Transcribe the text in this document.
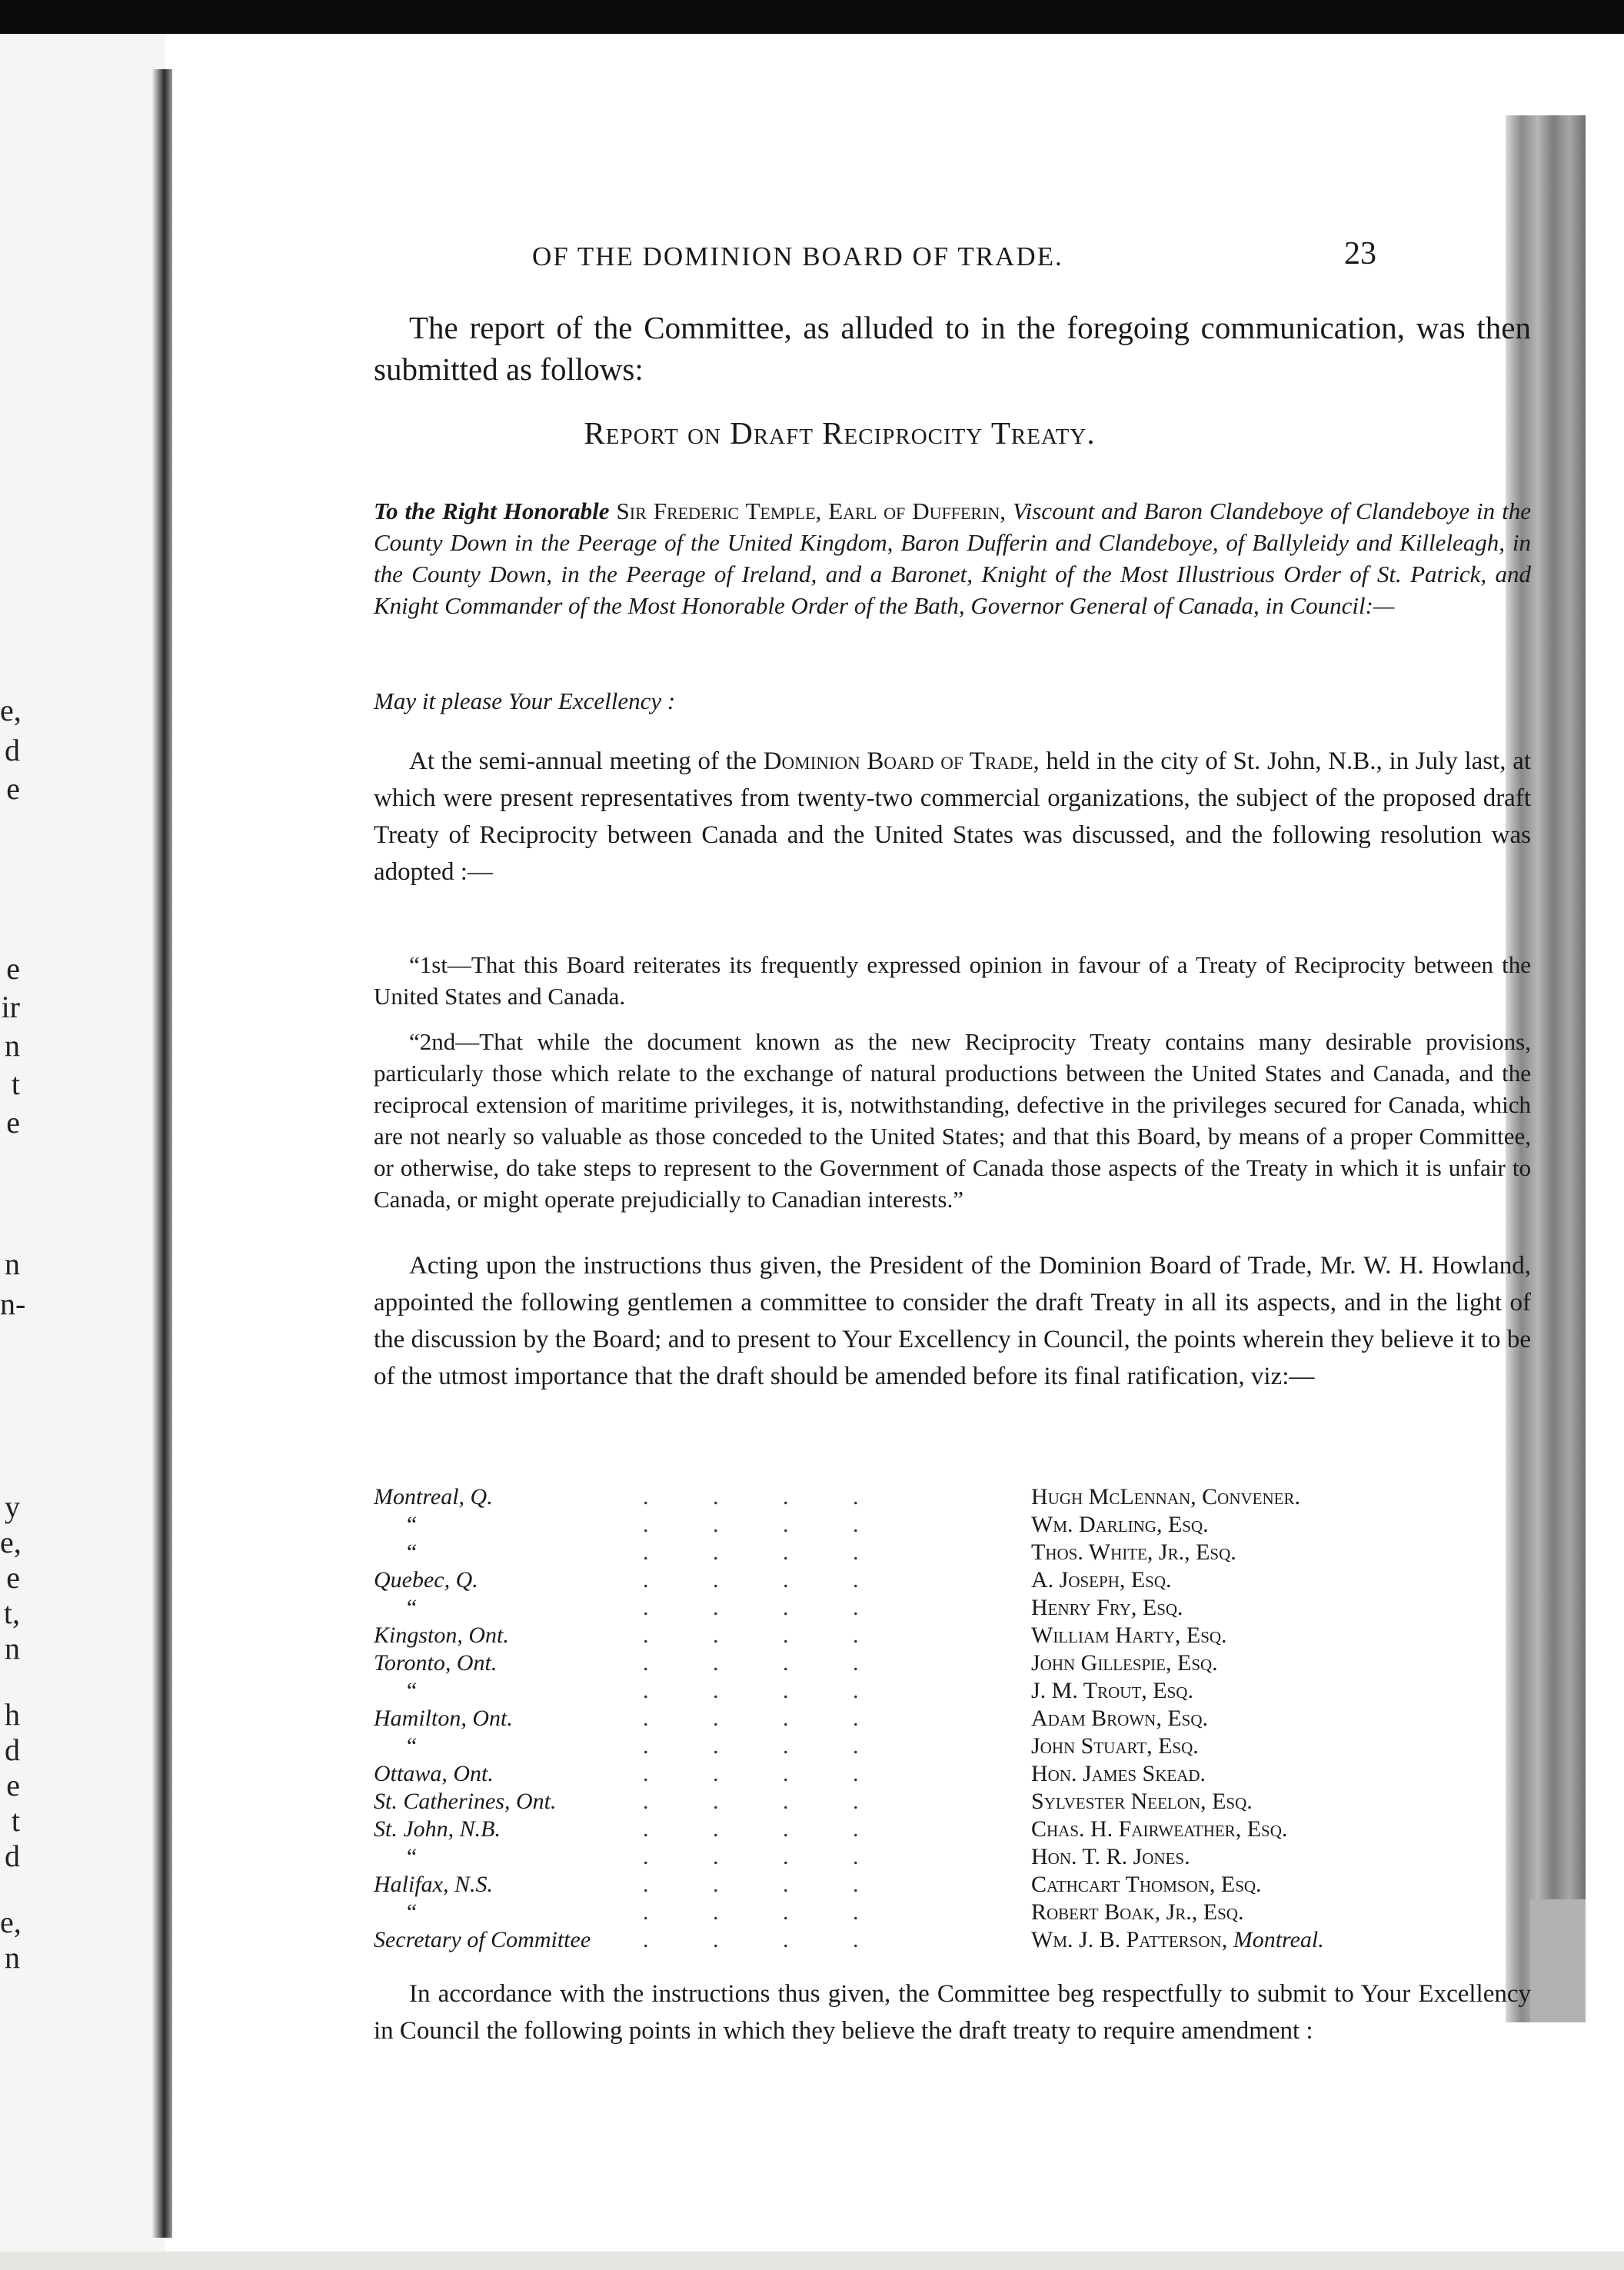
e,
d
e
e
ir
n
t
e
n
n-
y
e,
e
t,
n
h
d
e
t
d
e,
n
OF THE DOMINION BOARD OF TRADE.	23

The report of the Committee, as alluded to in the foregoing communication, was then submitted as follows:

Report on Draft Reciprocity Treaty.

To the Right Honorable Sir Frederic Temple, Earl of Dufferin, Viscount and Baron Clandeboye of Clandeboye in the County Down in the Peerage of the United Kingdom, Baron Dufferin and Clandeboye, of Ballyleidy and Killeleagh, in the County Down, in the Peerage of Ireland, and a Baronet, Knight of the Most Illustrious Order of St. Patrick, and Knight Commander of the Most Honorable Order of the Bath, Governor General of Canada, in Council:—

May it please Your Excellency :

At the semi-annual meeting of the Dominion Board of Trade, held in the city of St. John, N.B., in July last, at which were present representatives from twenty-two commercial organizations, the subject of the proposed draft Treaty of Reciprocity between Canada and the United States was discussed, and the following resolution was adopted :—

“1st—That this Board reiterates its frequently expressed opinion in favour of a Treaty of Reciprocity between the United States and Canada.

“2nd—That while the document known as the new Reciprocity Treaty contains many desirable provisions, particularly those which relate to the exchange of natural productions between the United States and Canada, and the reciprocal extension of maritime privileges, it is, notwithstanding, defective in the privileges secured for Canada, which are not nearly so valuable as those conceded to the United States; and that this Board, by means of a proper Committee, or otherwise, do take steps to represent to the Government of Canada those aspects of the Treaty in which it is unfair to Canada, or might operate prejudicially to Canadian interests.”

Acting upon the instructions thus given, the President of the Dominion Board of Trade, Mr. W. H. Howland, appointed the following gentlemen a committee to consider the draft Treaty in all its aspects, and in the light of the discussion by the Board; and to present to Your Excellency in Council, the points wherein they believe it to be of the utmost importance that the draft should be amended before its final ratification, viz:—

Montreal, Q.	. . . .	Hugh McLennan, Convener.
“	. . . .	Wm. Darling, Esq.
“	. . . .	Thos. White, Jr., Esq.
Quebec, Q.	. . . .	A. Joseph, Esq.
“	. . . .	Henry Fry, Esq.
Kingston, Ont.	. . . .	William Harty, Esq.
Toronto, Ont.	. . . .	John Gillespie, Esq.
“	. . . .	J. M. Trout, Esq.
Hamilton, Ont.	. . . .	Adam Brown, Esq.
“	. . . .	John Stuart, Esq.
Ottawa, Ont.	. . . .	Hon. James Skead.
St. Catherines, Ont.	. . . .	Sylvester Neelon, Esq.
St. John, N.B.	. . . .	Chas. H. Fairweather, Esq.
“	. . . .	Hon. T. R. Jones.
Halifax, N.S.	. . . .	Cathcart Thomson, Esq.
“	. . . .	Robert Boak, Jr., Esq.
Secretary of Committee . . . .	Wm. J. B. Patterson, Montreal.

In accordance with the instructions thus given, the Committee beg respectfully to submit to Your Excellency in Council the following points in which they believe the draft treaty to require amendment :
